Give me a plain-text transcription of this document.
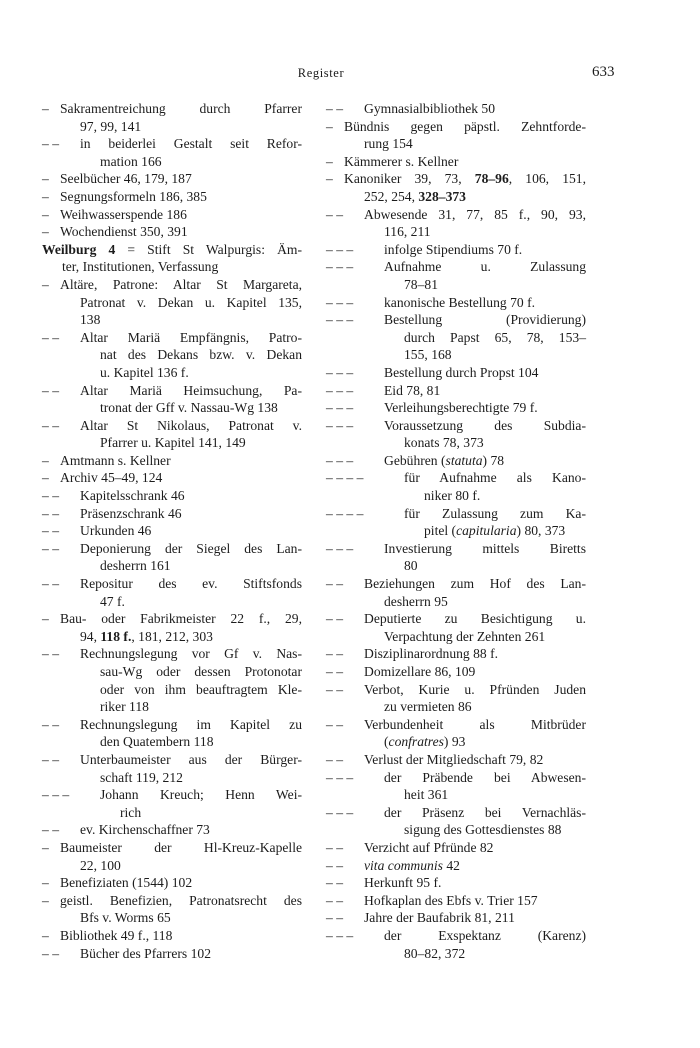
Register	633

– Sakramentreichung durch Pfarrer
97, 99, 141

– – in beiderlei Gestalt seit Refor-
mation 166

– Seelbücher 46, 179, 187

– Segnungsformeln 186, 385

– Weihwasserspende 186

– Wochendienst 350, 391

Weilburg 4 = Stift St Walpurgis: Äm-
ter, Institutionen, Verfassung

– Altäre, Patrone: Altar St Margareta,
Patronat v. Dekan u. Kapitel 135,
138

– – Altar Mariä Empfängnis, Patro-
nat des Dekans bzw. v. Dekan
u. Kapitel 136 f.

– – Altar Mariä Heimsuchung, Pa-
tronat der Gff v. Nassau-Wg 138

– – Altar St Nikolaus, Patronat v.
Pfarrer u. Kapitel 141, 149

– Amtmann s. Kellner

– Archiv 45–49, 124

– – Kapitelsschrank 46

– – Präsenzschrank 46

– – Urkunden 46

– – Deponierung der Siegel des Lan-
desherrn 161

– – Repositur des ev. Stiftsfonds
47 f.

– Bau- oder Fabrikmeister 22 f., 29,
94, 118 f., 181, 212, 303

– – Rechnungslegung vor Gf v. Nas-
sau-Wg oder dessen Protonotar
oder von ihm beauftragtem Kle-
riker 118

– – Rechnungslegung im Kapitel zu
den Quatembern 118

– – Unterbaumeister aus der Bürger-
schaft 119, 212

– – – Johann Kreuch; Henn Wei-
rich

– – ev. Kirchenschaffner 73

– Baumeister der Hl-Kreuz-Kapelle
22, 100

– Benefiziaten (1544) 102

– geistl. Benefizien, Patronatsrecht des
Bfs v. Worms 65

– Bibliothek 49 f., 118

– – Bücher des Pfarrers 102

– – Gymnasialbibliothek 50

– Bündnis gegen päpstl. Zehntforde-
rung 154

– Kämmerer s. Kellner

– Kanoniker 39, 73, 78–96, 106, 151,
252, 254, 328–373

– – Abwesende 31, 77, 85 f., 90, 93,
116, 211

– – – infolge Stipendiums 70 f.

– – – Aufnahme u. Zulassung
78–81

– – – kanonische Bestellung 70 f.

– – – Bestellung (Providierung)
durch Papst 65, 78, 153–
155, 168

– – – Bestellung durch Propst 104

– – – Eid 78, 81

– – – Verleihungsberechtigte 79 f.

– – – Voraussetzung des Subdia-
konats 78, 373

– – – Gebühren (statuta) 78

– – – –	für Aufnahme als Kano-
niker 80 f.

– – – –	für Zulassung zum Ka-
pitel (capitularia) 80, 373

– – – Investierung mittels Biretts
80

– – Beziehungen zum Hof des Lan-
desherrn 95

– – Deputierte zu Besichtigung u.
Verpachtung der Zehnten 261

– – Disziplinarordnung 88 f.

– – Domizellare 86, 109

– – Verbot, Kurie u. Pfründen Juden
zu vermieten 86

– – Verbundenheit als Mitbrüder
(confratres) 93

– – Verlust der Mitgliedschaft 79, 82

– – – der Präbende bei Abwesen-
heit 361

– – – der Präsenz bei Vernachläs-
sigung des Gottesdienstes 88

– – Verzicht auf Pfründe 82

– – vita communis 42

– – Herkunft 95 f.

– – Hofkaplan des Ebfs v. Trier 157

– – Jahre der Baufabrik 81, 211

– – – der Exspektanz (Karenz)
80–82, 372
